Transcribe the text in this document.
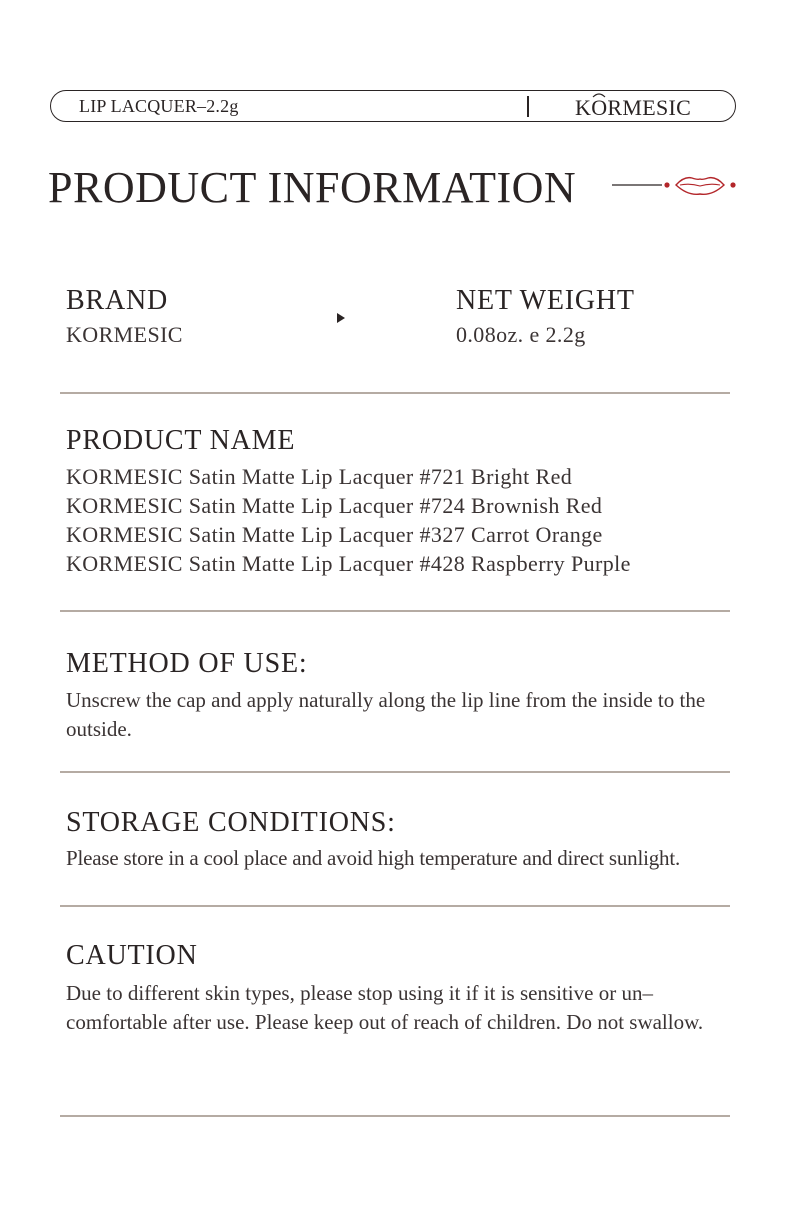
LIP LACQUER–2.2g	KORMESIC
PRODUCT INFORMATION
BRAND
KORMESIC
NET WEIGHT
0.08oz. e 2.2g
PRODUCT NAME
KORMESIC Satin Matte Lip Lacquer #721 Bright Red
KORMESIC Satin Matte Lip Lacquer #724 Brownish Red
KORMESIC Satin Matte Lip Lacquer #327 Carrot Orange
KORMESIC Satin Matte Lip Lacquer #428 Raspberry Purple
METHOD OF USE:
Unscrew the cap and apply naturally along the lip line from the inside to the outside.
STORAGE CONDITIONS:
Please store in a cool place and avoid high temperature and direct sunlight.
CAUTION
Due to different skin types, please stop using it if it is sensitive or un–comfortable after use. Please keep out of reach of children. Do not swallow.
